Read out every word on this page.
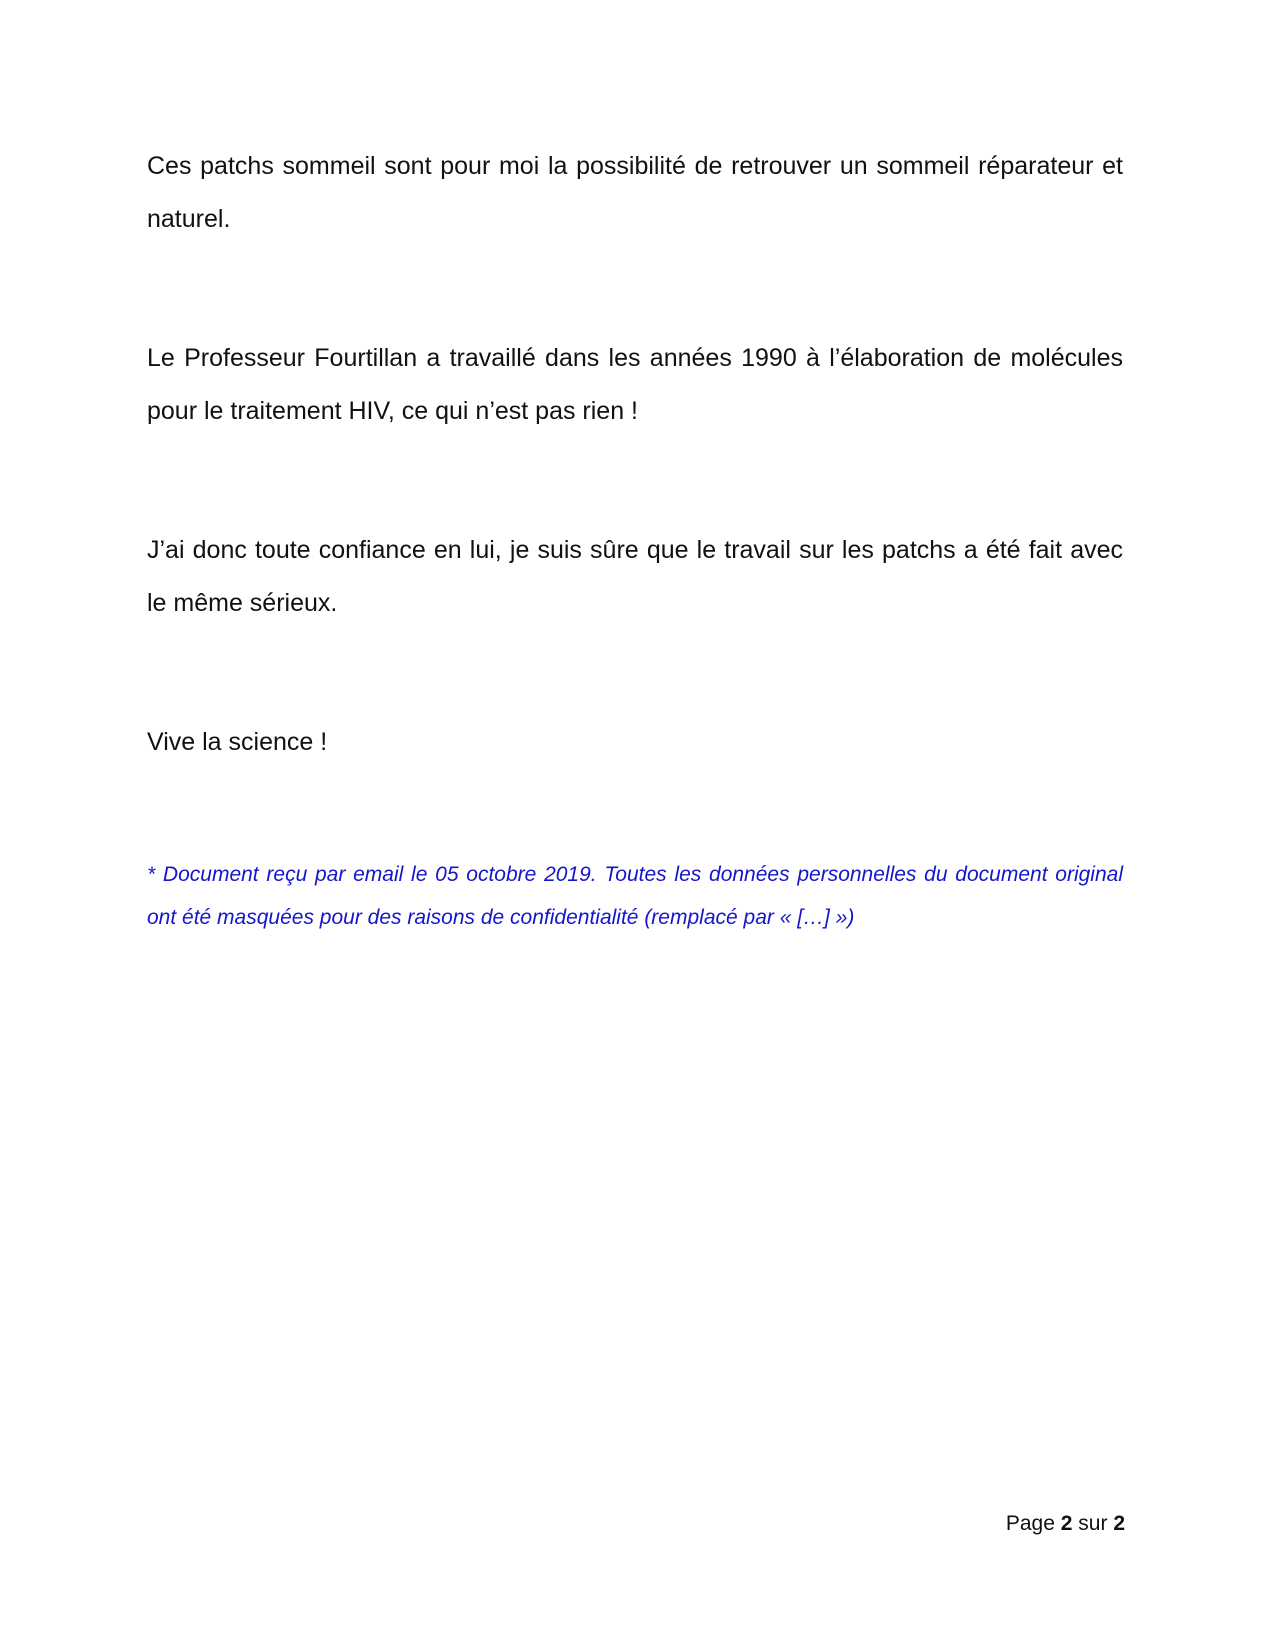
Ces patchs sommeil sont pour moi la possibilité de retrouver un sommeil réparateur et naturel.

Le Professeur Fourtillan a travaillé dans les années 1990 à l’élaboration de molécules pour le traitement HIV, ce qui n’est pas rien !

J’ai donc toute confiance en lui, je suis sûre que le travail sur les patchs a été fait avec le même sérieux.

Vive la science !

* Document reçu par email le 05 octobre 2019. Toutes les données personnelles du document original ont été masquées pour des raisons de confidentialité (remplacé par « […] »)

Page 2 sur 2
